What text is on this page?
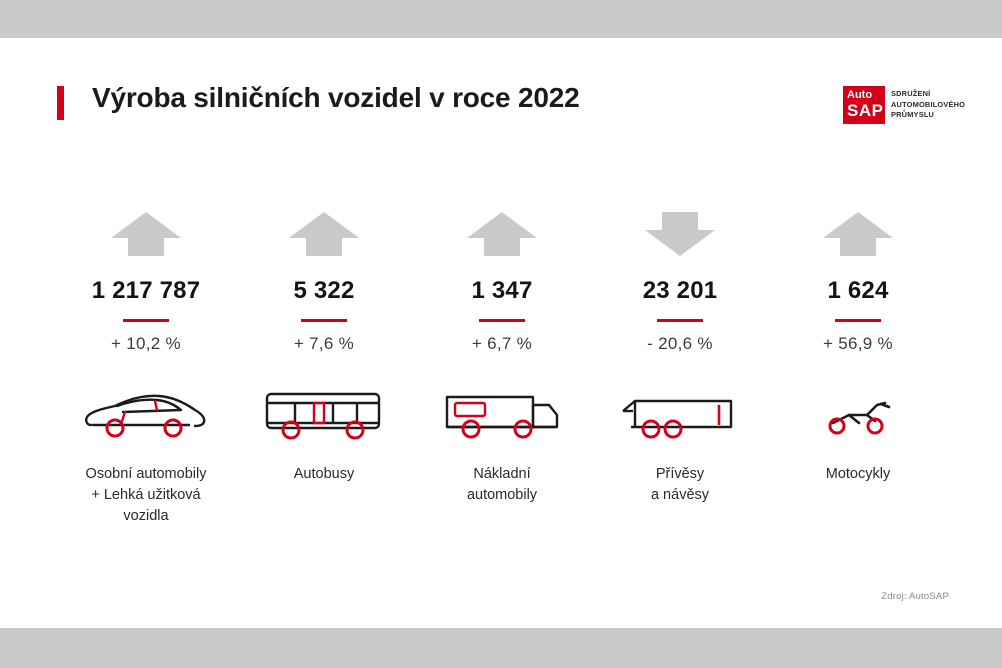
Výroba silničních vozidel v roce 2022	Auto
SAP
SDRUŽENÍ
AUTOMOBILOVÉHO
PRŮMYSLU
1 217 787
+ 10,2 %
Osobní automobily
+ Lehká užitková
vozidla
5 322
+ 7,6 %
Autobusy
1 347
+ 6,7 %
Nákladní
automobily
23 201
- 20,6 %
Přívěsy
a návěsy
1 624
+ 56,9 %
Motocykly
Zdroj: AutoSAP
